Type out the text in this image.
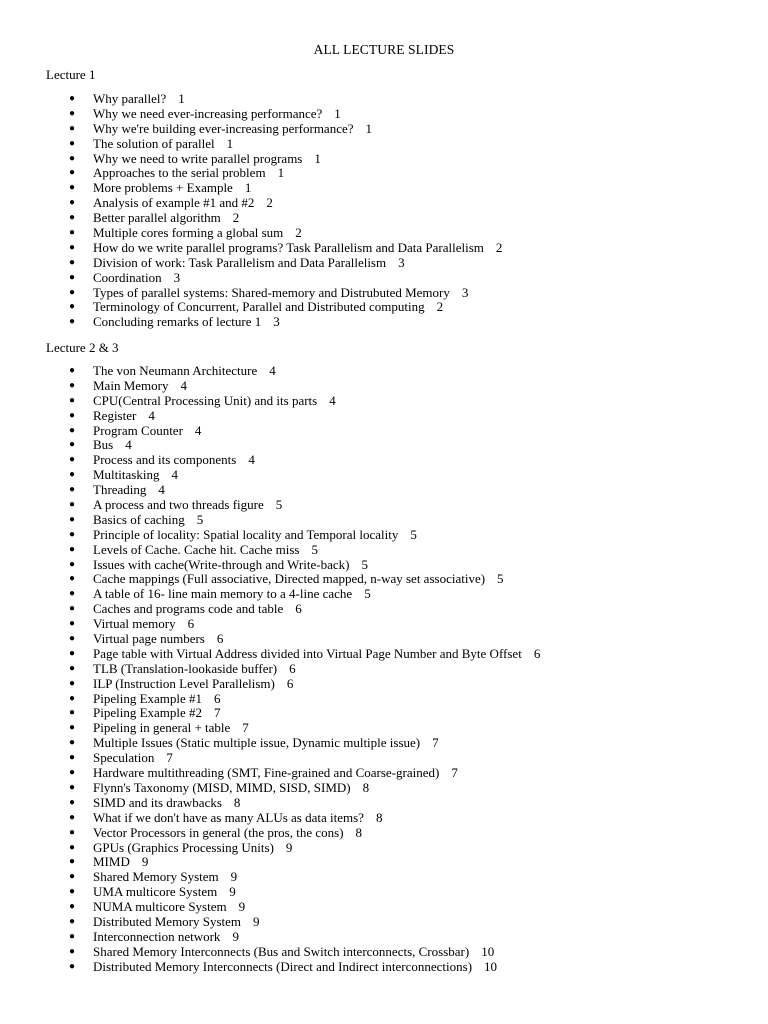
ALL LECTURE SLIDES
Lecture 1
● Why parallel? 1
● Why we need ever-increasing performance? 1
● Why we're building ever-increasing performance? 1
● The solution of parallel 1
● Why we need to write parallel programs 1
● Approaches to the serial problem 1
● More problems + Example 1
● Analysis of example #1 and #2 2
● Better parallel algorithm 2
● Multiple cores forming a global sum 2
● How do we write parallel programs? Task Parallelism and Data Parallelism 2
● Division of work: Task Parallelism and Data Parallelism 3
● Coordination 3
● Types of parallel systems: Shared-memory and Distrubuted Memory 3
● Terminology of Concurrent, Parallel and Distributed computing 2
● Concluding remarks of lecture 1 3
Lecture 2 & 3
● The von Neumann Architecture 4
● Main Memory 4
● CPU(Central Processing Unit) and its parts 4
● Register 4
● Program Counter 4
● Bus 4
● Process and its components 4
● Multitasking 4
● Threading 4
● A process and two threads figure 5
● Basics of caching 5
● Principle of locality: Spatial locality and Temporal locality 5
● Levels of Cache. Cache hit. Cache miss 5
● Issues with cache(Write-through and Write-back) 5
● Cache mappings (Full associative, Directed mapped, n-way set associative) 5
● A table of 16- line main memory to a 4-line cache 5
● Caches and programs code and table 6
● Virtual memory 6
● Virtual page numbers 6
● Page table with Virtual Address divided into Virtual Page Number and Byte Offset 6
● TLB (Translation-lookaside buffer) 6
● ILP (Instruction Level Parallelism) 6
● Pipeling Example #1 6
● Pipeling Example #2 7
● Pipeling in general + table 7
● Multiple Issues (Static multiple issue, Dynamic multiple issue) 7
● Speculation 7
● Hardware multithreading (SMT, Fine-grained and Coarse-grained) 7
● Flynn's Taxonomy (MISD, MIMD, SISD, SIMD) 8
● SIMD and its drawbacks 8
● What if we don't have as many ALUs as data items? 8
● Vector Processors in general (the pros, the cons) 8
● GPUs (Graphics Processing Units) 9
● MIMD 9
● Shared Memory System 9
● UMA multicore System 9
● NUMA multicore System 9
● Distributed Memory System 9
● Interconnection network 9
● Shared Memory Interconnects (Bus and Switch interconnects, Crossbar) 10
● Distributed Memory Interconnects (Direct and Indirect interconnections) 10
